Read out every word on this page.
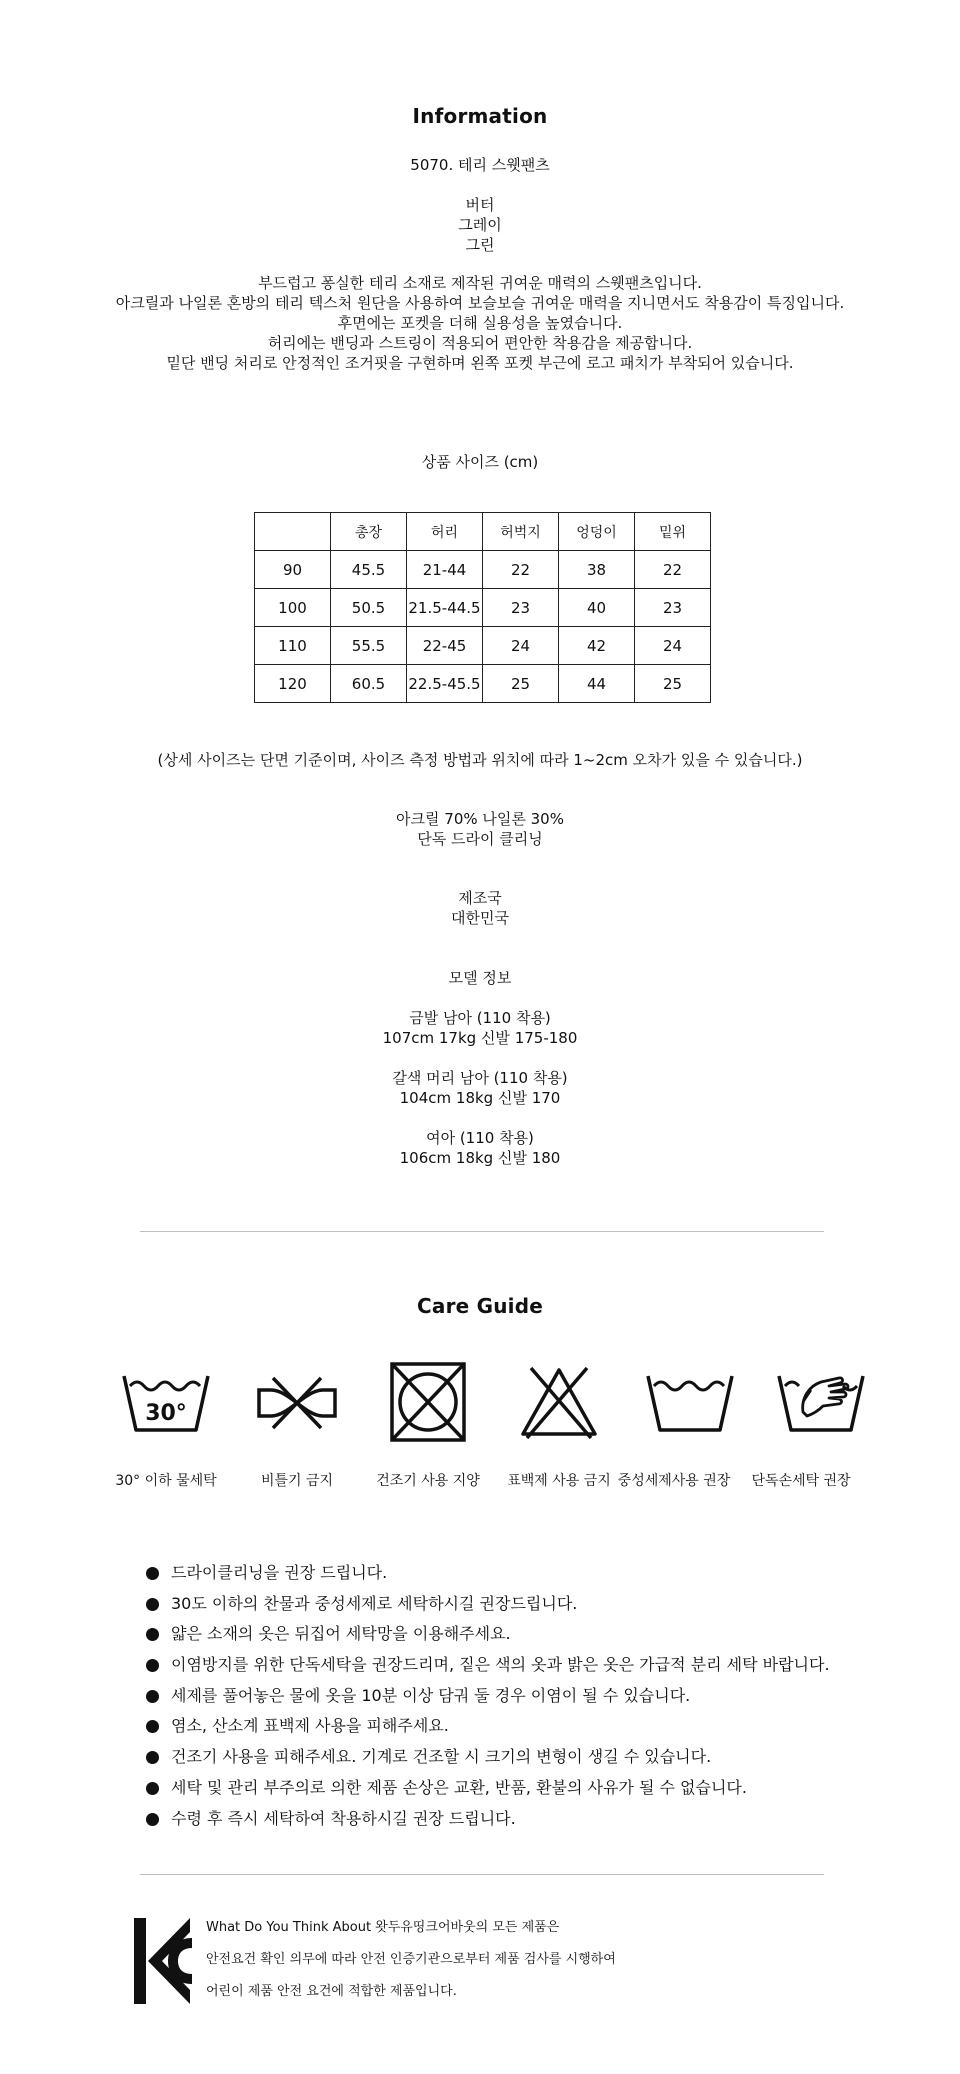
Information
5070. 테리 스웻팬츠
버터
그레이
그린
부드럽고 퐁실한 테리 소재로 제작된 귀여운 매력의 스웻팬츠입니다.
아크릴과 나일론 혼방의 테리 텍스처 원단을 사용하여 보슬보슬 귀여운 매력을 지니면서도 착용감이 특징입니다.
후면에는 포켓을 더해 실용성을 높였습니다.
허리에는 밴딩과 스트링이 적용되어 편안한 착용감을 제공합니다.
밑단 밴딩 처리로 안정적인 조거핏을 구현하며 왼쪽 포켓 부근에 로고 패치가 부착되어 있습니다.
상품 사이즈 (cm)
	총장	허리	허벅지	엉덩이	밑위
90	45.5	21-44	22	38	22
100	50.5	21.5-44.5	23	40	23
110	55.5	22-45	24	42	24
120	60.5	22.5-45.5	25	44	25
(상세 사이즈는 단면 기준이며, 사이즈 측정 방법과 위치에 따라 1~2cm 오차가 있을 수 있습니다.)
아크릴 70% 나일론 30%
단독 드라이 클리닝
제조국
대한민국
모델 정보
금발 남아 (110 착용)
107cm 17kg 신발 175-180
갈색 머리 남아 (110 착용)
104cm 18kg 신발 170
여아 (110 착용)
106cm 18kg 신발 180
Care Guide
30°
30° 이하 물세탁	비틀기 금지	건조기 사용 지양	표백제 사용 금지 중성세제사용 권장	단독손세탁 권장
드라이클리닝을 권장 드립니다.
30도 이하의 찬물과 중성세제로 세탁하시길 권장드립니다.
얇은 소재의 옷은 뒤집어 세탁망을 이용해주세요.
이염방지를 위한 단독세탁을 권장드리며, 짙은 색의 옷과 밝은 옷은 가급적 분리 세탁 바랍니다.
세제를 풀어놓은 물에 옷을 10분 이상 담궈 둘 경우 이염이 될 수 있습니다.
염소, 산소계 표백제 사용을 피해주세요.
건조기 사용을 피해주세요. 기계로 건조할 시 크기의 변형이 생길 수 있습니다.
세탁 및 관리 부주의로 의한 제품 손상은 교환, 반품, 환불의 사유가 될 수 없습니다.
수령 후 즉시 세탁하여 착용하시길 권장 드립니다.
What Do You Think About 왓두유띵크어바웃의 모든 제품은
안전요건 확인 의무에 따라 안전 인증기관으로부터 제품 검사를 시행하여
어린이 제품 안전 요건에 적합한 제품입니다.
